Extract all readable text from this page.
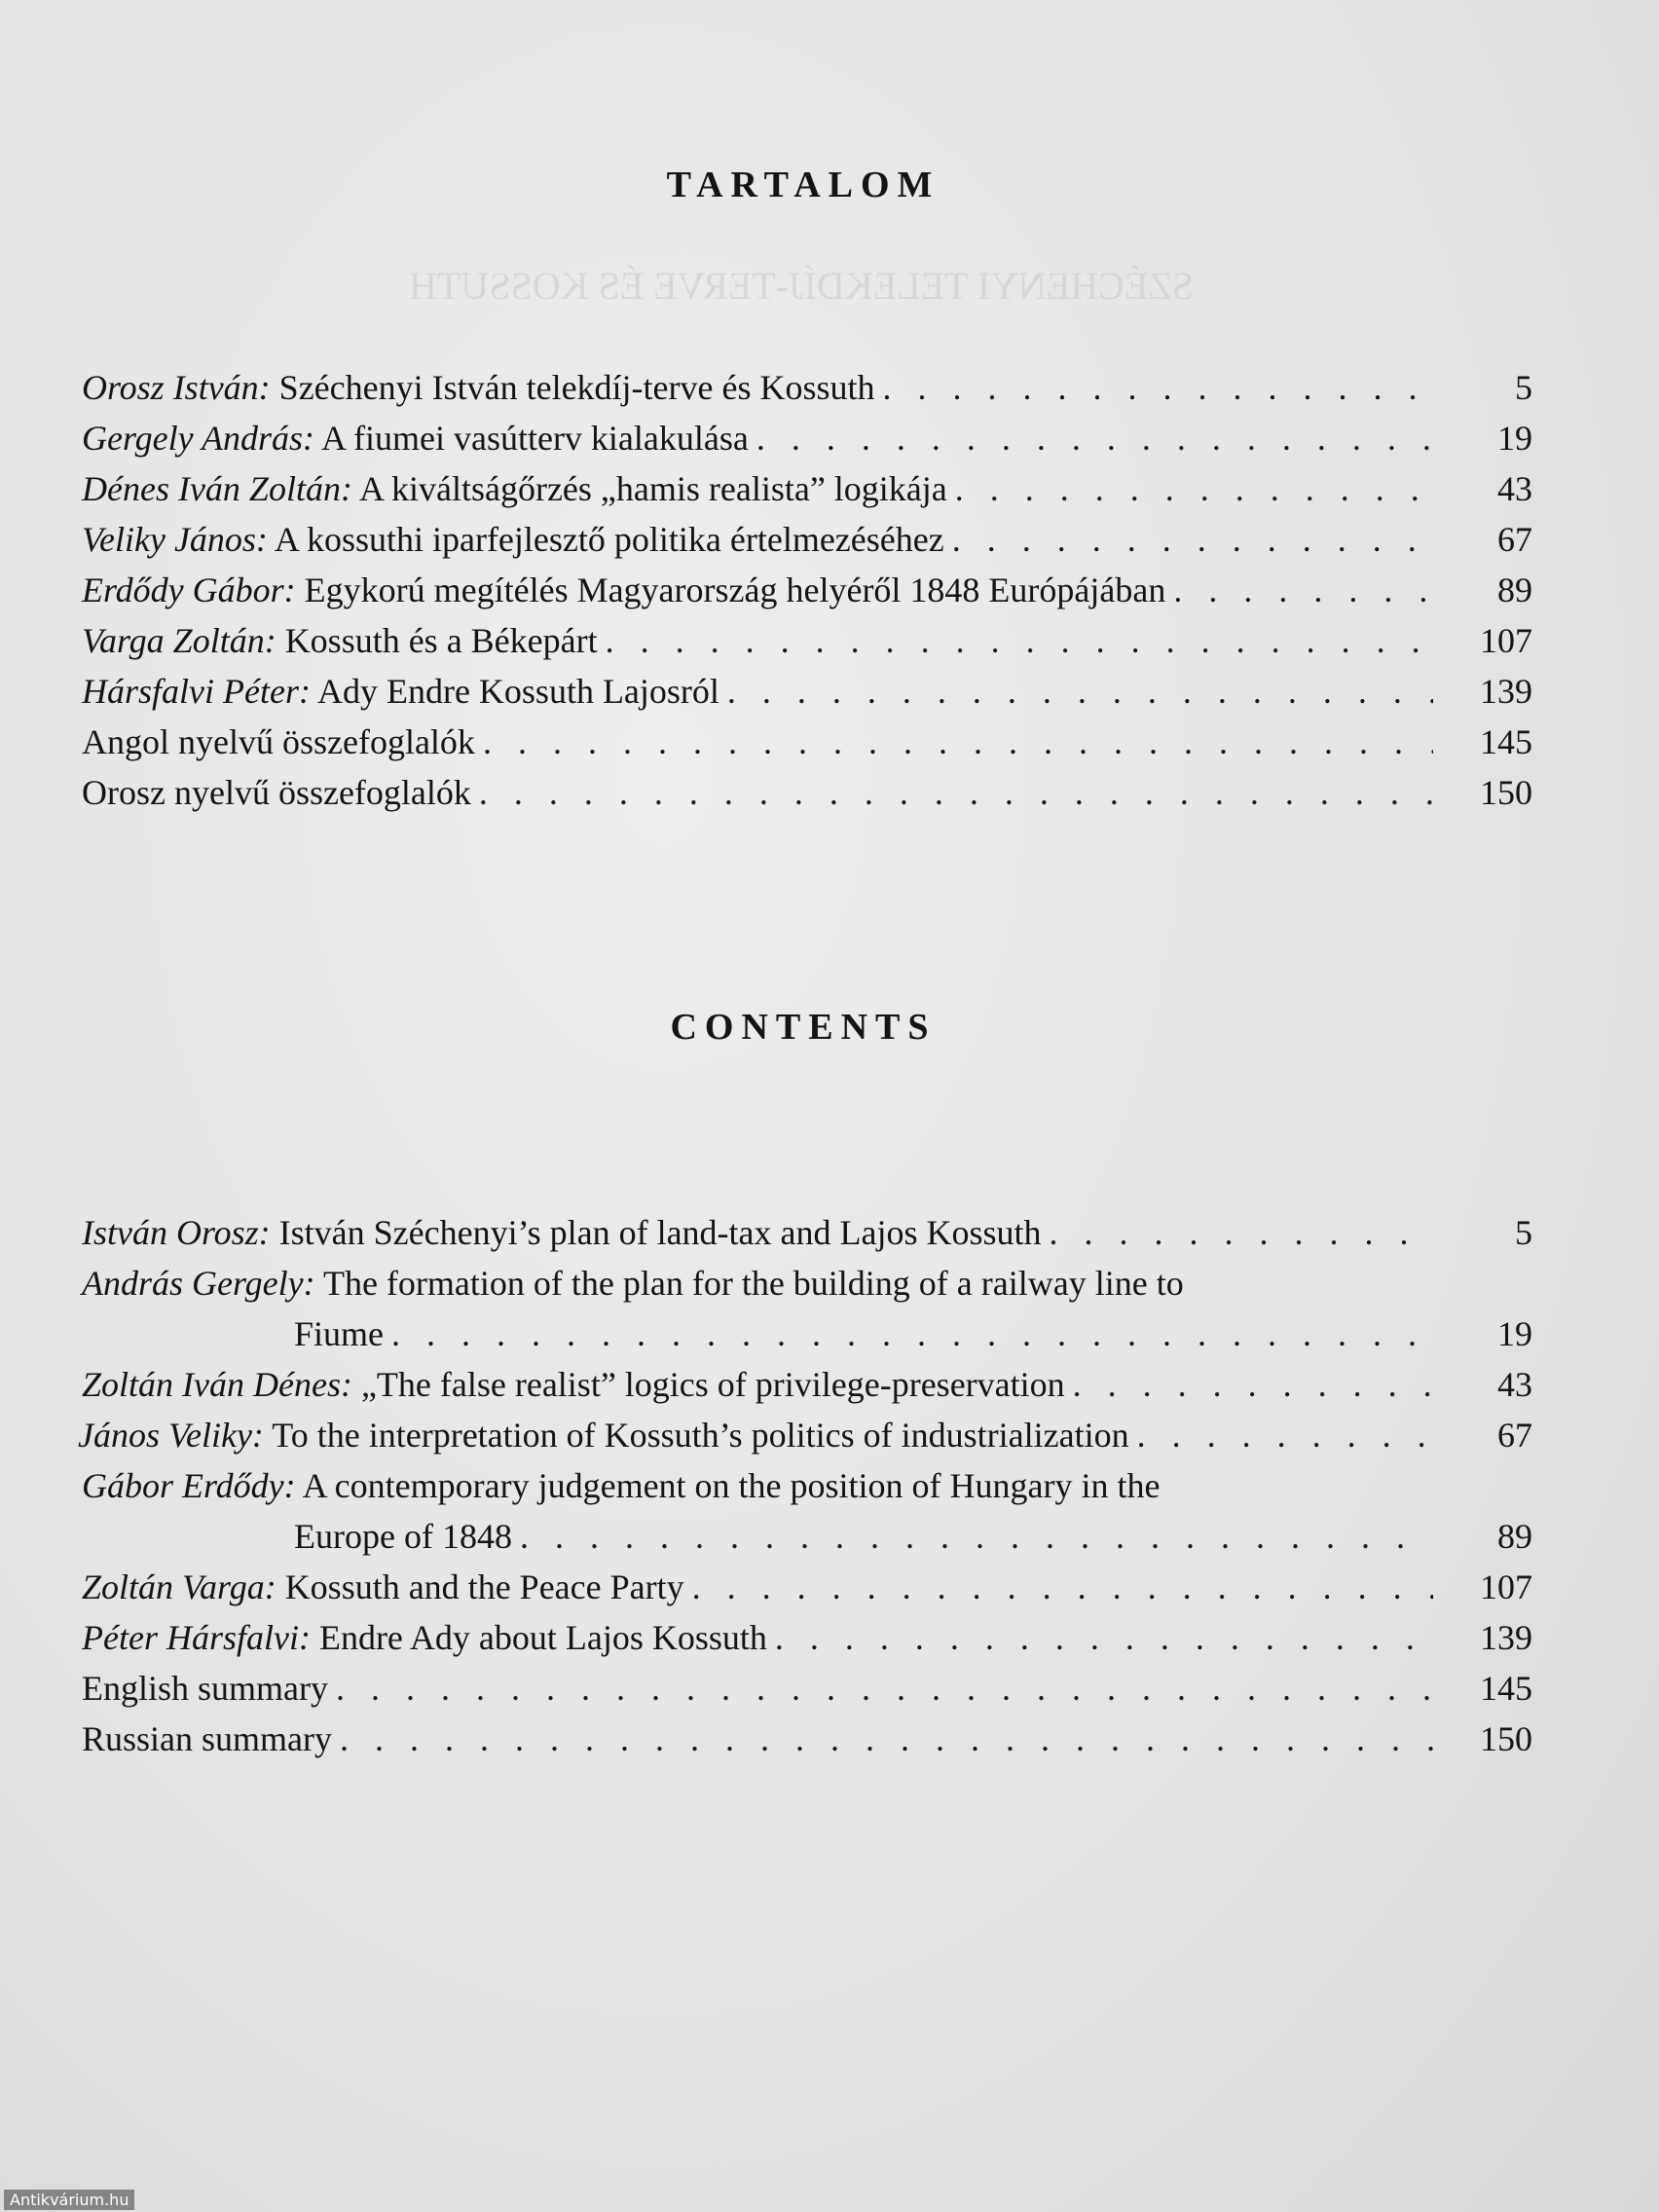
SZÉCHENYI TELEKDÍJ-TERVE ÉS KOSSUTH
TARTALOM
Orosz István: Széchenyi István telekdíj-terve és Kossuth . . .	5
Gergely András: A fiumei vasútterv kialakulása . . .	19
Dénes Iván Zoltán: A kiváltságőrzés „hamis realista” logikája . . .	43
Veliky János: A kossuthi iparfejlesztő politika értelmezéséhez . . .	67
Erdődy Gábor: Egykorú megítélés Magyarország helyéről 1848 Európájában . . .	89
Varga Zoltán: Kossuth és a Békepárt . . .	107
Hársfalvi Péter: Ady Endre Kossuth Lajosról . . .	139
Angol nyelvű összefoglalók . . .	145
Orosz nyelvű összefoglalók . . .	150
CONTENTS
István Orosz: István Széchenyi’s plan of land-tax and Lajos Kossuth . . .	5
András Gergely: The formation of the plan for the building of a railway line to
Fiume . . .	19
Zoltán Iván Dénes: „The false realist” logics of privilege-preservation . . .	43
János Veliky: To the interpretation of Kossuth’s politics of industrialization . . .	67
Gábor Erdődy: A contemporary judgement on the position of Hungary in the
Europe of 1848 . . .	89
Zoltán Varga: Kossuth and the Peace Party . . .	107
Péter Hársfalvi: Endre Ady about Lajos Kossuth . . .	139
English summary . . .	145
Russian summary . . .	150
Antikvárium.hu
